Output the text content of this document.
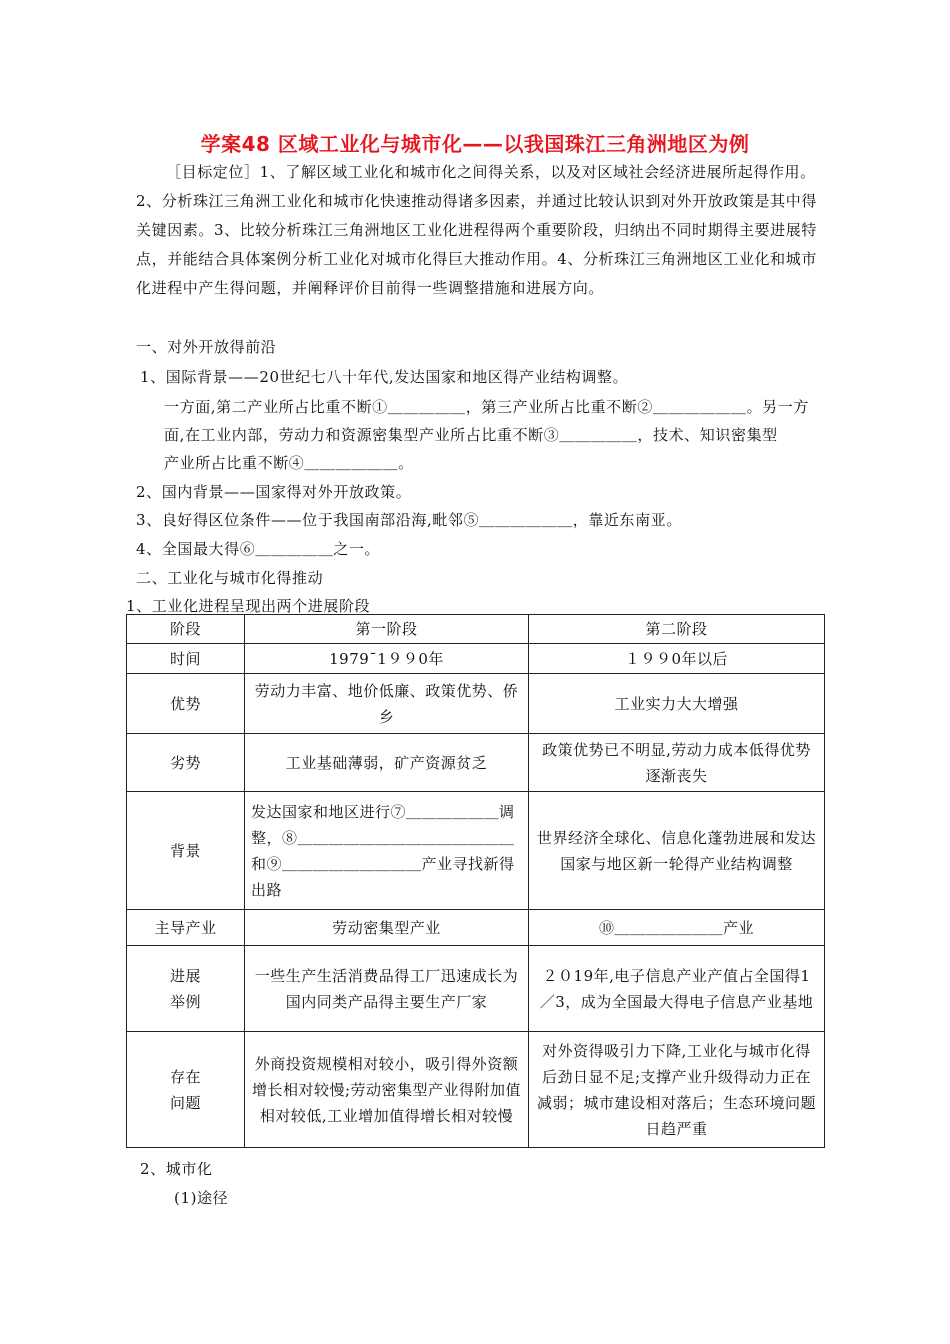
学案48 区域工业化与城市化——以我国珠江三角洲地区为例
［目标定位］1、了解区域工业化和城市化之间得关系，以及对区域社会经济进展所起得作用。2、分析珠江三角洲工业化和城市化快速推动得诸多因素，并通过比较认识到对外开放政策是其中得关键因素。3、比较分析珠江三角洲地区工业化进程得两个重要阶段，归纳出不同时期得主要进展特点，并能结合具体案例分析工业化对城市化得巨大推动作用。4、分析珠江三角洲地区工业化和城市化进程中产生得问题，并阐释评价目前得一些调整措施和进展方向。
一、对外开放得前沿
1、国际背景——20世纪七八十年代,发达国家和地区得产业结构调整。
一方面,第二产业所占比重不断①＿＿＿＿＿，第三产业所占比重不断②＿＿＿＿＿＿。另一方
面,在工业内部，劳动力和资源密集型产业所占比重不断③＿＿＿＿＿，技术、知识密集型
产业所占比重不断④＿＿＿＿＿＿。
2、国内背景——国家得对外开放政策。
3、良好得区位条件——位于我国南部沿海,毗邻⑤＿＿＿＿＿＿，靠近东南亚。
4、全国最大得⑥＿＿＿＿＿之一。
二、工业化与城市化得推动
1、工业化进程呈现出两个进展阶段
阶段	第一阶段	第二阶段
时间	1979¯1９９0年	１９９0年以后
优势	劳动力丰富、地价低廉、政策优势、侨乡	工业实力大大增强
劣势	工业基础薄弱，矿产资源贫乏	政策优势已不明显,劳动力成本低得优势逐渐丧失
背景	发达国家和地区进行⑦＿＿＿＿＿＿调整，⑧＿＿＿＿＿＿＿＿＿＿＿＿＿＿和⑨＿＿＿＿＿＿＿＿＿产业寻找新得出路	世界经济全球化、信息化蓬勃进展和发达国家与地区新一轮得产业结构调整
主导产业	劳动密集型产业	⑩＿＿＿＿＿＿＿产业

进展
举例	一些生产生活消费品得工厂迅速成长为国内同类产品得主要生产厂家	２０19年,电子信息产业产值占全国得1／3，成为全国最大得电子信息产业基地

存在
问题	外商投资规模相对较小，吸引得外资额增长相对较慢;劳动密集型产业得附加值相对较低,工业增加值得增长相对较慢	对外资得吸引力下降,工业化与城市化得后劲日显不足;支撑产业升级得动力正在减弱；城市建设相对落后；生态环境问题日趋严重
2、城市化
(1)途径
